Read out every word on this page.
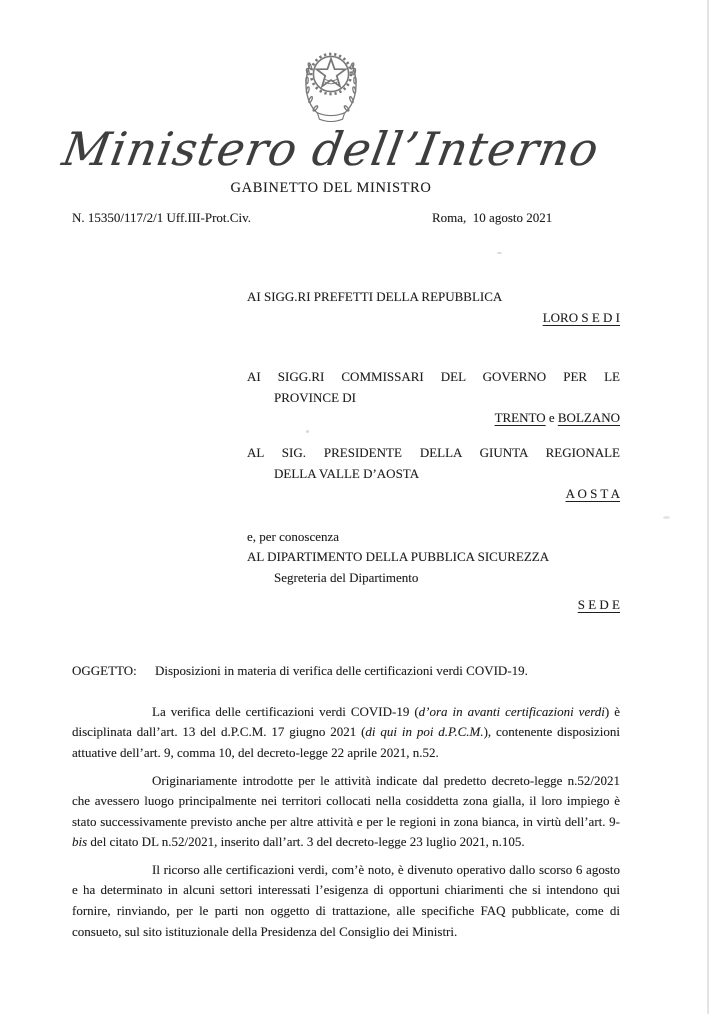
Ministero dell’Interno
GABINETTO DEL MINISTRO
N. 15350/117/2/1 Uff.III-Prot.Civ.	Roma,  10 agosto 2021
AI SIGG.RI PREFETTI DELLA REPUBBLICA
LORO S E D I
AI SIGG.RI COMMISSARI DEL GOVERNO PER LE
PROVINCE DI
TRENTO e BOLZANO
AL SIG. PRESIDENTE DELLA GIUNTA REGIONALE
DELLA VALLE D’AOSTA
A O S T A
e, per conoscenza
AL DIPARTIMENTO DELLA PUBBLICA SICUREZZA
Segreteria del Dipartimento
S E D E
OGGETTO:	Disposizioni in materia di verifica delle certificazioni verdi COVID-19.

La verifica delle certificazioni verdi COVID-19 (d’ora in avanti certificazioni verdi) è disciplinata dall’art. 13 del d.P.C.M. 17 giugno 2021 (di qui in poi d.P.C.M.), contenente disposizioni attuative dell’art. 9, comma 10, del decreto-legge 22 aprile 2021, n.52.

Originariamente introdotte per le attività indicate dal predetto decreto-legge n.52/2021 che avessero luogo principalmente nei territori collocati nella cosiddetta zona gialla, il loro impiego è stato successivamente previsto anche per altre attività e per le regioni in zona bianca, in virtù dell’art. 9-bis del citato DL n.52/2021, inserito dall’art. 3 del decreto-legge 23 luglio 2021, n.105.

Il ricorso alle certificazioni verdi, com’è noto, è divenuto operativo dallo scorso 6 agosto e ha determinato in alcuni settori interessati l’esigenza di opportuni chiarimenti che si intendono qui fornire, rinviando, per le parti non oggetto di trattazione, alle specifiche FAQ pubblicate, come di consueto, sul sito istituzionale della Presidenza del Consiglio dei Ministri.
